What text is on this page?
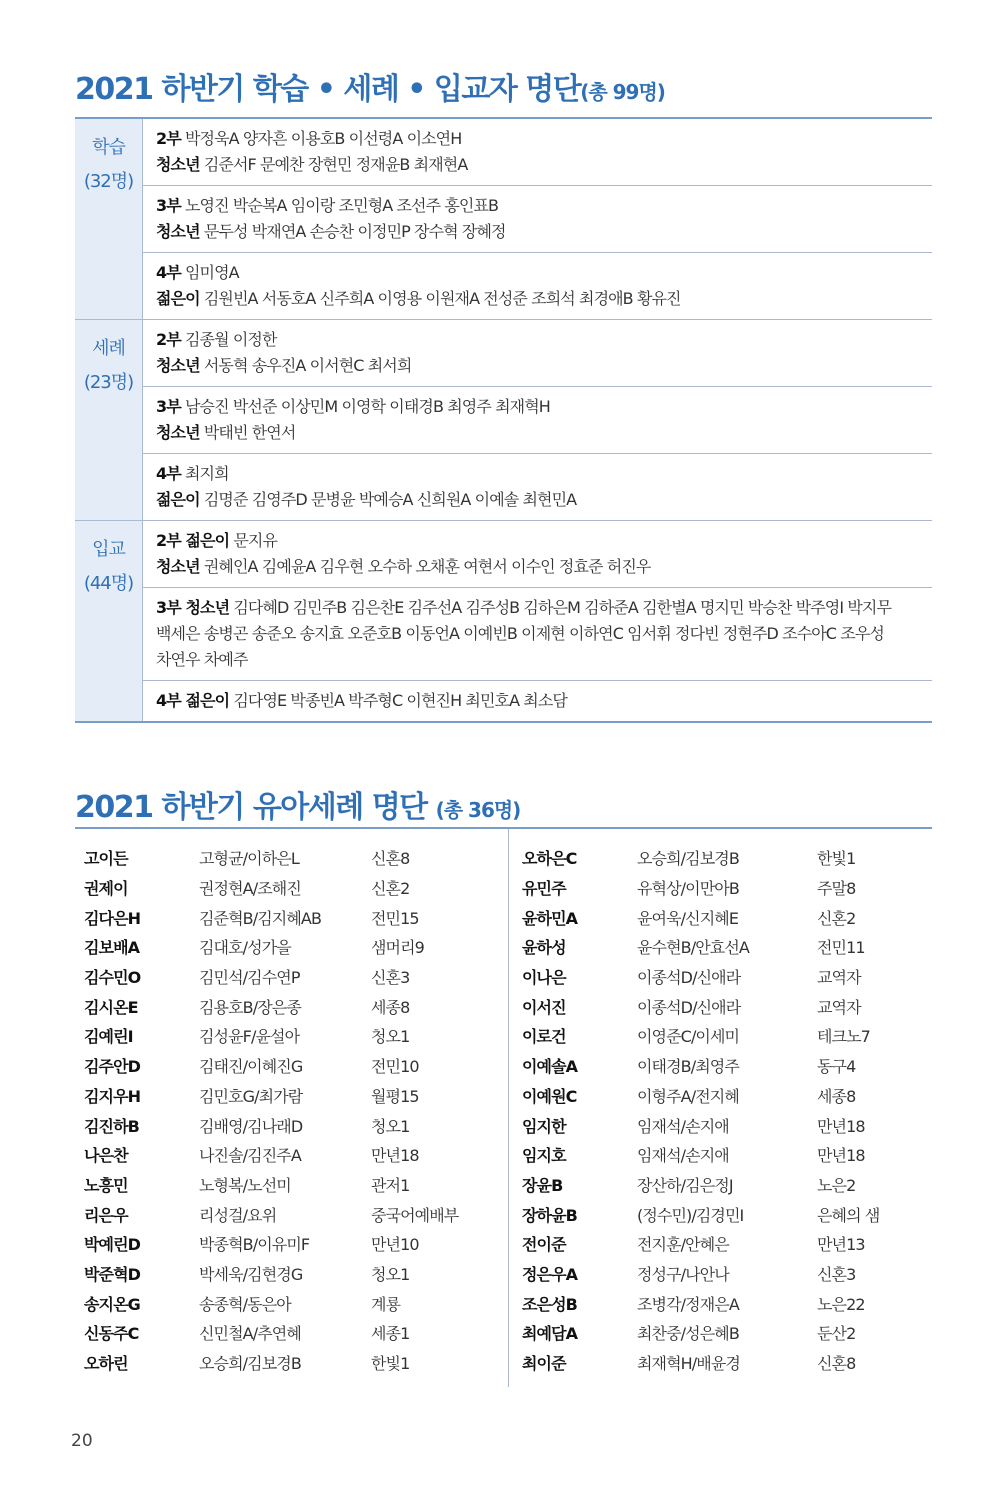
2021 하반기 학습 • 세례 • 입교자 명단(총 99명)
학습
(32명)
2부 박정욱A 양자흔 이용호B 이선령A 이소연H
청소년 김준서F 문예찬 장현민 정재윤B 최재현A
3부 노영진 박순복A 임이랑 조민형A 조선주 홍인표B
청소년 문두성 박재연A 손승찬 이정민P 장수혁 장혜정
4부 임미영A
젊은이 김원빈A 서동호A 신주희A 이영용 이원재A 전성준 조희석 최경애B 황유진
세례
(23명)
2부 김종월 이정한
청소년 서동혁 송우진A 이서현C 최서희
3부 남승진 박선준 이상민M 이영학 이태경B 최영주 최재혁H
청소년 박태빈 한연서
4부 최지희
젊은이 김명준 김영주D 문병윤 박예승A 신희원A 이예솔 최현민A
입교
(44명)
2부 젊은이 문지유
청소년 권혜인A 김예윤A 김우현 오수하 오채훈 여현서 이수인 정효준 허진우
3부 청소년 김다혜D 김민주B 김은찬E 김주선A 김주성B 김하은M 김하준A 김한별A 명지민 박승찬 박주영I 박지무
백세은 송병곤 송준오 송지효 오준호B 이동언A 이예빈B 이제현 이하연C 임서휘 정다빈 정현주D 조수아C 조우성
차연우 차예주
4부 젊은이 김다영E 박종빈A 박주형C 이현진H 최민호A 최소담
2021 하반기 유아세례 명단 (총 36명)
고이든	고형균/이하은L	신혼8
권제이	권정현A/조해진	신혼2
김다은H	김준혁B/김지혜AB	전민15
김보배A	김대호/성가을	샘머리9
김수민O	김민석/김수연P	신혼3
김시온E	김용호B/장은종	세종8
김예린I	김성윤F/윤설아	청오1
김주안D	김태진/이혜진G	전민10
김지우H	김민호G/최가람	월평15
김진하B	김배영/김나래D	청오1
나은찬	나진솔/김진주A	만년18
노흥민	노형복/노선미	관저1
리은우	리성걸/요위	중국어예배부
박예린D	박종혁B/이유미F	만년10
박준혁D	박세욱/김현경G	청오1
송지온G	송종혁/동은아	계룡
신동주C	신민철A/추연혜	세종1
오하린	오승희/김보경B	한빛1
오하은C	오승희/김보경B	한빛1
유민주	유혁상/이만아B	주말8
윤하민A	윤여욱/신지혜E	신혼2
윤하성	윤수현B/안효선A	전민11
이나은	이종석D/신애라	교역자
이서진	이종석D/신애라	교역자
이로건	이영준C/이세미	테크노7
이예솔A	이태경B/최영주	동구4
이예원C	이형주A/전지혜	세종8
임지한	임재석/손지애	만년18
임지호	임재석/손지애	만년18
장윤B	장산하/김은정J	노은2
장하윤B	(정수민)/김경민I	은혜의 샘
전이준	전지훈/안혜은	만년13
정은우A	정성구/나안나	신혼3
조은성B	조병각/정재은A	노은22
최예담A	최찬중/성은혜B	둔산2
최이준	최재혁H/배윤경	신혼8
20
